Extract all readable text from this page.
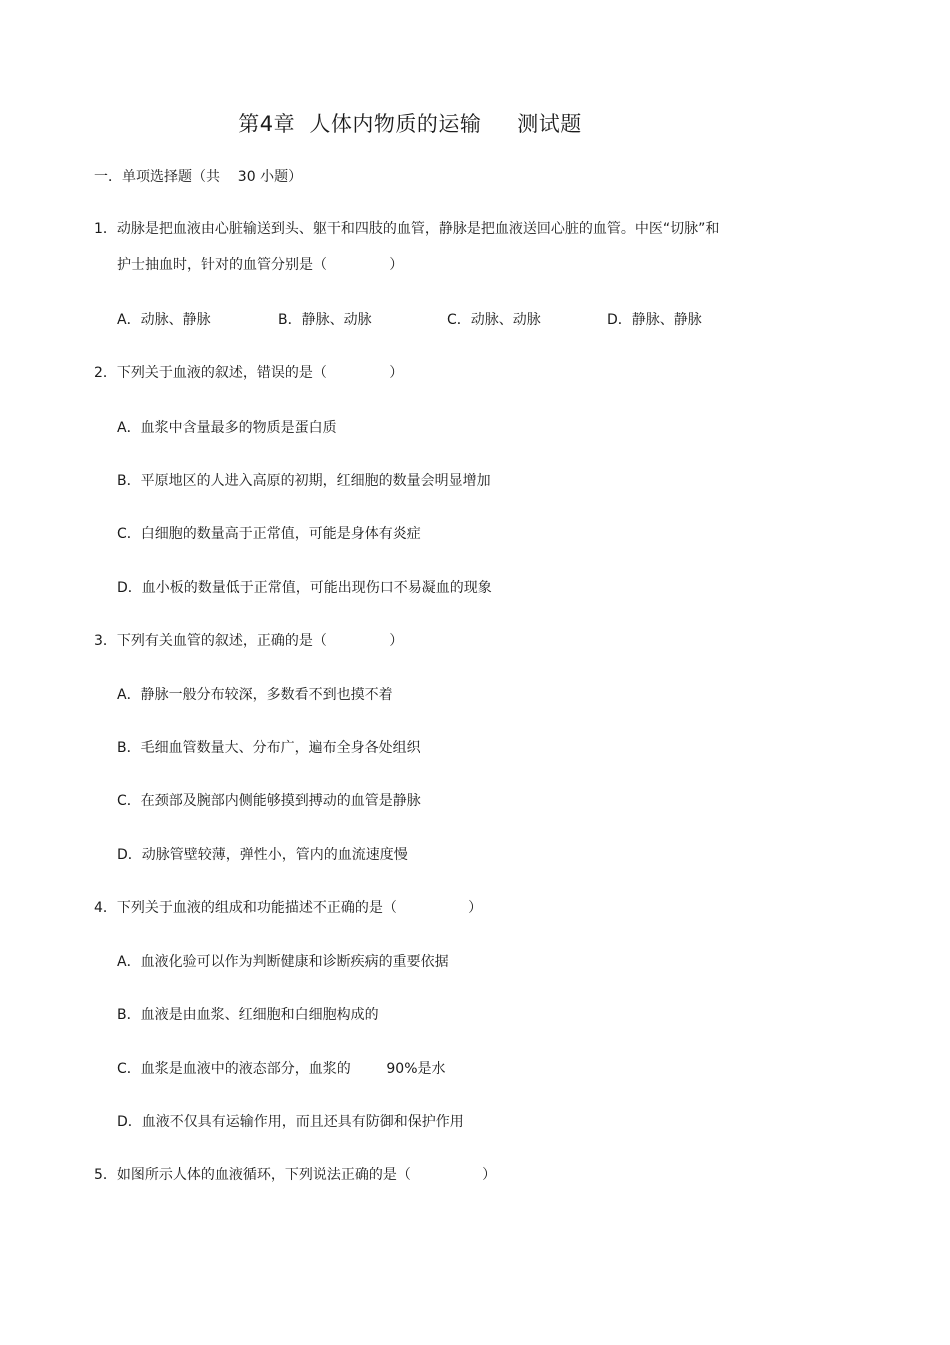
第4章  人体内物质的运输     测试题
一．单项选择题（共    30 小题）
1．动脉是把血液由心脏输送到头、躯干和四肢的血管，静脉是把血液送回心脏的血管。中医“切脉”和
护士抽血时，针对的血管分别是（              ）

A．动脉、静脉

	B．静脉、动脉

	C．动脉、动脉

	D．静脉、静脉

2．下列关于血液的叙述，错误的是（              ）
A．血浆中含量最多的物质是蛋白质
B．平原地区的人进入高原的初期，红细胞的数量会明显增加
C．白细胞的数量高于正常值，可能是身体有炎症
D．血小板的数量低于正常值，可能出现伤口不易凝血的现象
3．下列有关血管的叙述，正确的是（              ）
A．静脉一般分布较深，多数看不到也摸不着
B．毛细血管数量大、分布广，遍布全身各处组织
C．在颈部及腕部内侧能够摸到搏动的血管是静脉
D．动脉管壁较薄，弹性小，管内的血流速度慢
4．下列关于血液的组成和功能描述不正确的是（                ）
A．血液化验可以作为判断健康和诊断疾病的重要依据
B．血液是由血浆、红细胞和白细胞构成的
C．血浆是血液中的液态部分，血浆的        90%是水
D．血液不仅具有运输作用，而且还具有防御和保护作用
5．如图所示人体的血液循环，下列说法正确的是（                ）
